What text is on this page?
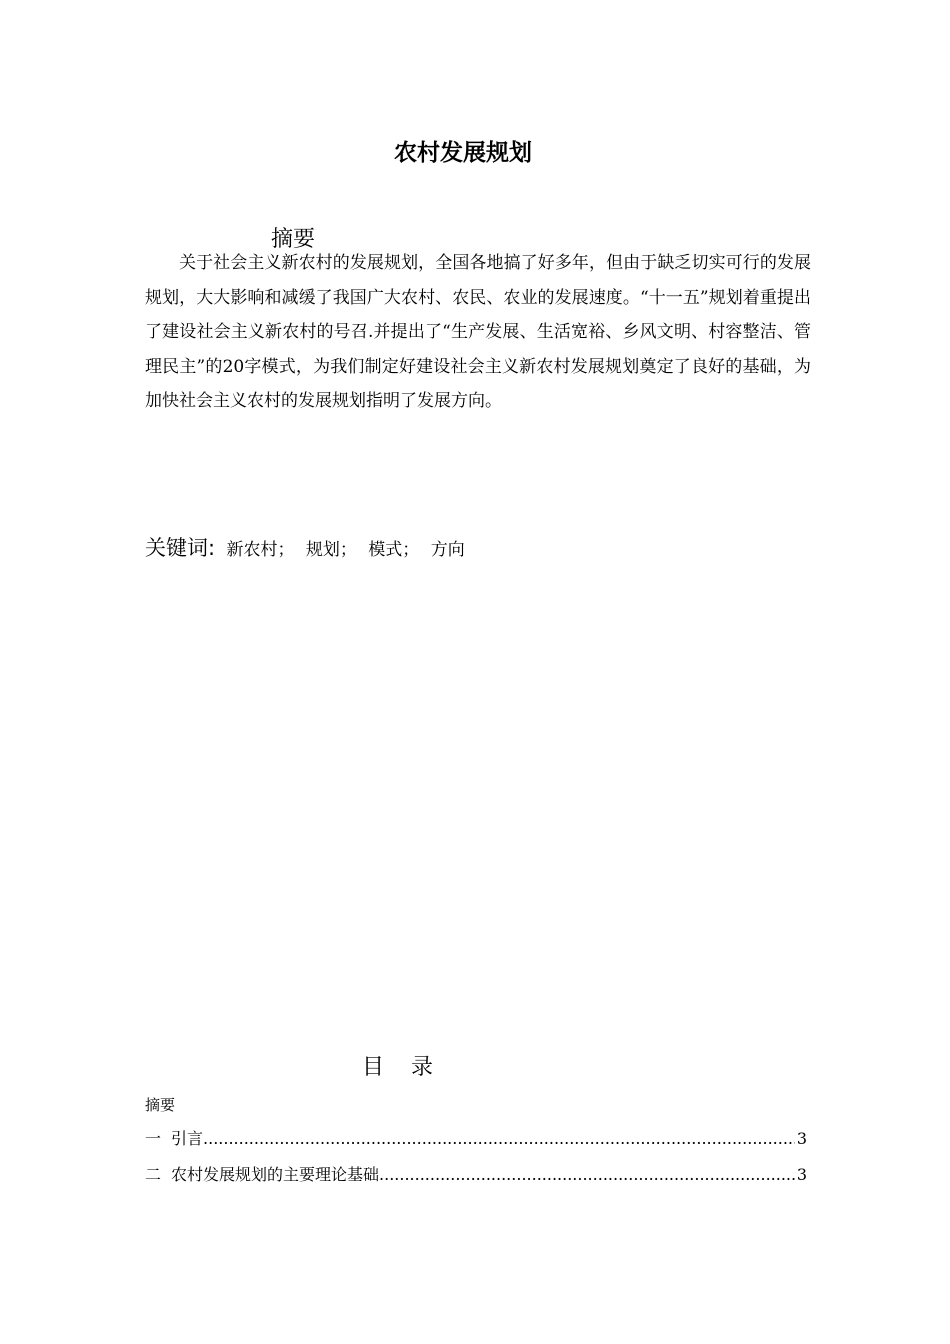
农村发展规划
摘要
关于社会主义新农村的发展规划，全国各地搞了好多年，但由于缺乏切实可行的发展规划，大大影响和减缓了我国广大农村、农民、农业的发展速度。“十一五”规划着重提出了建设社会主义新农村的号召.并提出了“生产发展、生活宽裕、乡风文明、村容整洁、管理民主”的20字模式，为我们制定好建设社会主义新农村发展规划奠定了良好的基础，为加快社会主义农村的发展规划指明了发展方向。
关键词: 新农村； 规划； 模式； 方向
目 录
摘要
一 引言 .....	3
二 农村发展规划的主要理论基础 .....	3
